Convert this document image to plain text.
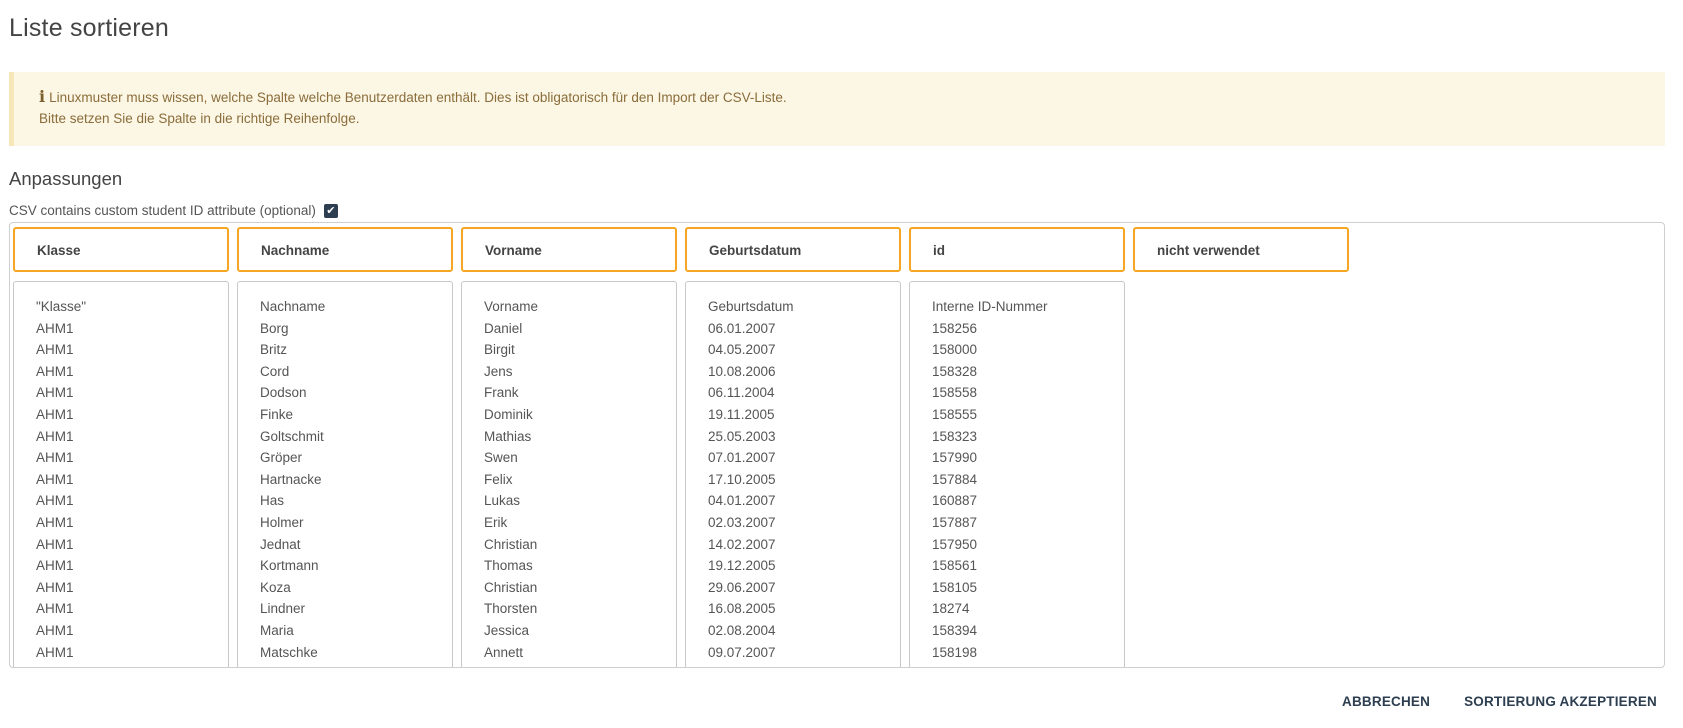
Liste sortieren
i Linuxmuster muss wissen, welche Spalte welche Benutzerdaten enthält. Dies ist obligatorisch für den Import der CSV-Liste.
Bitte setzen Sie die Spalte in die richtige Reihenfolge.
Anpassungen
CSV contains custom student ID attribute (optional) ✔
Klasse
"Klasse"
AHM1
AHM1
AHM1
AHM1
AHM1
AHM1
AHM1
AHM1
AHM1
AHM1
AHM1
AHM1
AHM1
AHM1
AHM1
AHM1
Nachname
Nachname
Borg
Britz
Cord
Dodson
Finke
Goltschmit
Gröper
Hartnacke
Has
Holmer
Jednat
Kortmann
Koza
Lindner
Maria
Matschke
Vorname
Vorname
Daniel
Birgit
Jens
Frank
Dominik
Mathias
Swen
Felix
Lukas
Erik
Christian
Thomas
Christian
Thorsten
Jessica
Annett
Geburtsdatum
Geburtsdatum
06.01.2007
04.05.2007
10.08.2006
06.11.2004
19.11.2005
25.05.2003
07.01.2007
17.10.2005
04.01.2007
02.03.2007
14.02.2007
19.12.2005
29.06.2007
16.08.2005
02.08.2004
09.07.2007
id
Interne ID-Nummer
158256
158000
158328
158558
158555
158323
157990
157884
160887
157887
157950
158561
158105
18274
158394
158198
nicht verwendet
ABBRECHEN	SORTIERUNG AKZEPTIEREN
